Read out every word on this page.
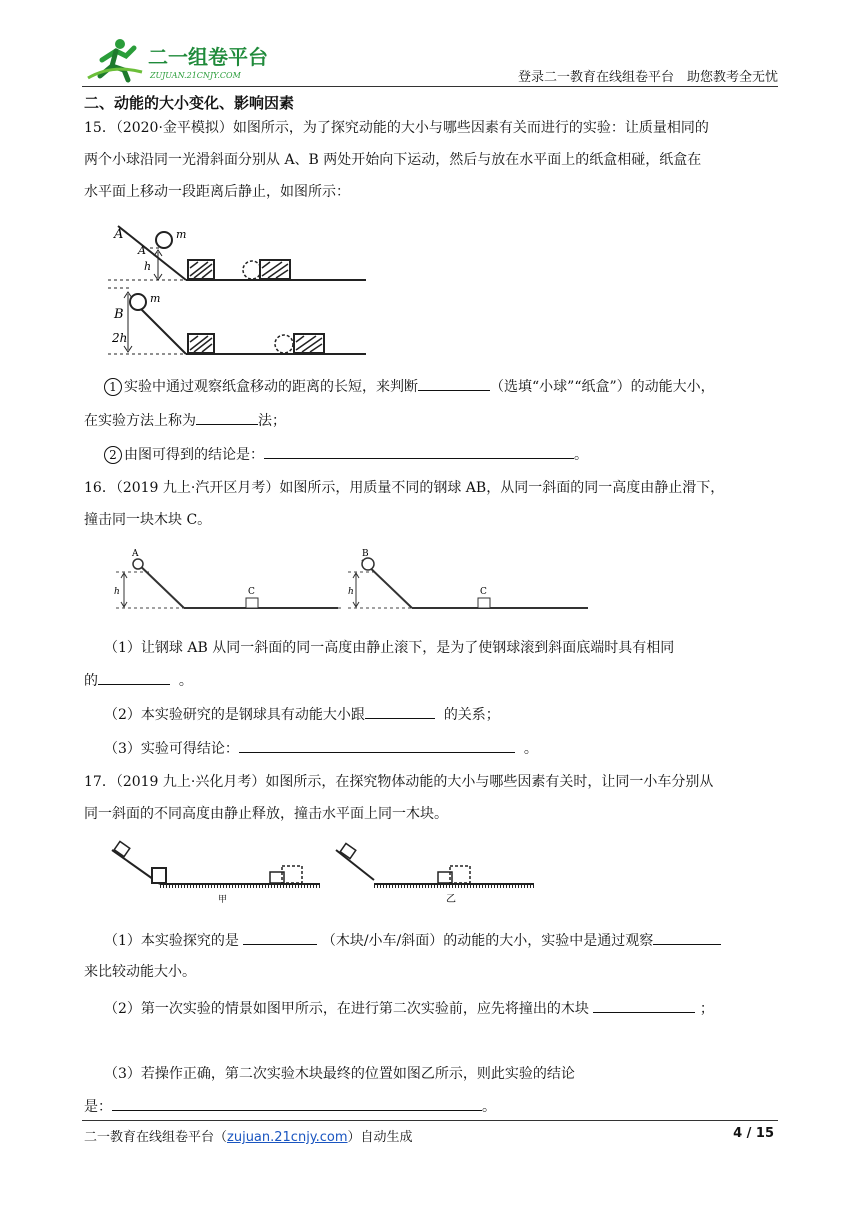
二一组卷平台
ZUJUAN.21CNJY.COM	登录二一教育在线组卷平台　助您教考全无忧
二、动能的大小变化、影响因素
15．（2020·金平模拟）如图所示，为了探究动能的大小与哪些因素有关而进行的实验：让质量相同的
两个小球沿同一光滑斜面分别从 A、B 两处开始向下运动，然后与放在水平面上的纸盒相碰，纸盒在
水平面上移动一段距离后静止，如图所示：
A
A
m
h
B
m
2h
1 实验中通过观察纸盒移动的距离的长短，来判断	（选填“小球”“纸盒”）的动能大小，
在实验方法上称为	法；
2 由图可得到的结论是：	。
16．（2019 九上·汽开区月考）如图所示，用质量不同的钢球 AB，从同一斜面的同一高度由静止滑下，
撞击同一块木块 C。
A
C
h
B
C
h
（1）让钢球 AB 从同一斜面的同一高度由静止滚下，是为了使钢球滚到斜面底端时具有相同
的	。
（2）本实验研究的是钢球具有动能大小跟	的关系；
（3）实验可得结论：	。
17．（2019 九上·兴化月考）如图所示，在探究物体动能的大小与哪些因素有关时，让同一小车分别从
同一斜面的不同高度由静止释放，撞击水平面上同一木块。
甲	乙
（1）本实验探究的是	（木块/小车/斜面）的动能的大小，实验中是通过观察
来比较动能大小。
（2）第一次实验的情景如图甲所示，在进行第二次实验前，应先将撞出的木块	；
（3）若操作正确，第二次实验木块最终的位置如图乙所示，则此实验的结论
是：	。
二一教育在线组卷平台（zujuan.21cnjy.com）自动生成	4 / 15
